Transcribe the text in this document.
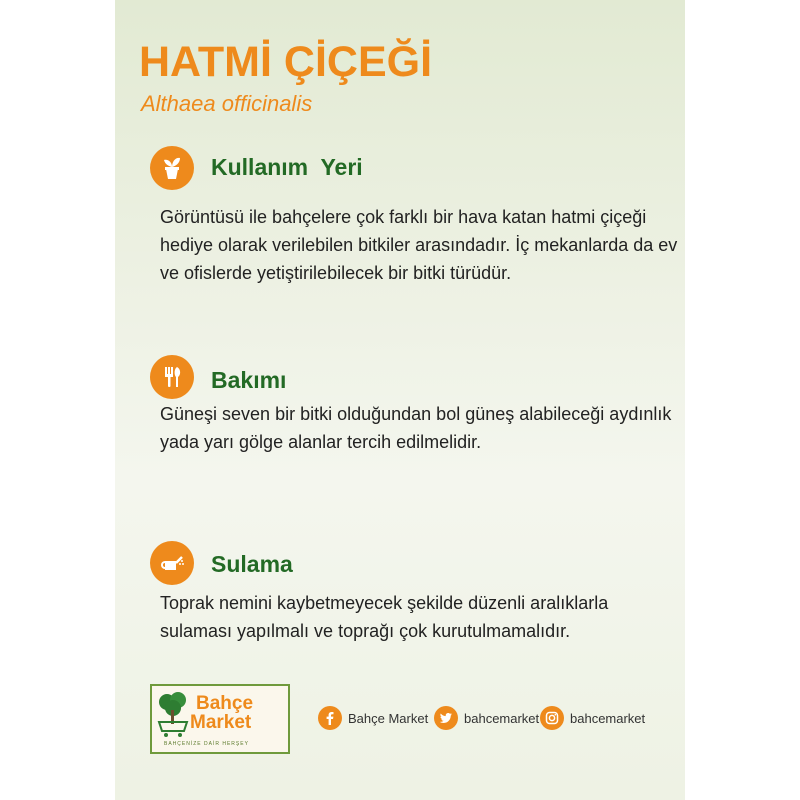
HATMİ ÇİÇEĞİ

Althaea officinalis

Kullanım  Yeri

Görüntüsü ile bahçelere çok farklı bir hava katan hatmi çiçeği hediye olarak verilebilen bitkiler arasındadır. İç mekanlarda da ev ve ofislerde yetiştirilebilecek bir bitki türüdür.

Bakımı

Güneşi seven bir bitki olduğundan bol güneş alabileceği aydınlık yada yarı gölge alanlar tercih edilmelidir.

Sulama

Toprak nemini kaybetmeyecek şekilde düzenli aralıklarla sulaması yapılmalı ve toprağı çok kurutulmamalıdır.

Bahçe

Market

BAHÇENİZE DAİR HERŞEY

Bahçe Market	bahcemarket bahcemarket
